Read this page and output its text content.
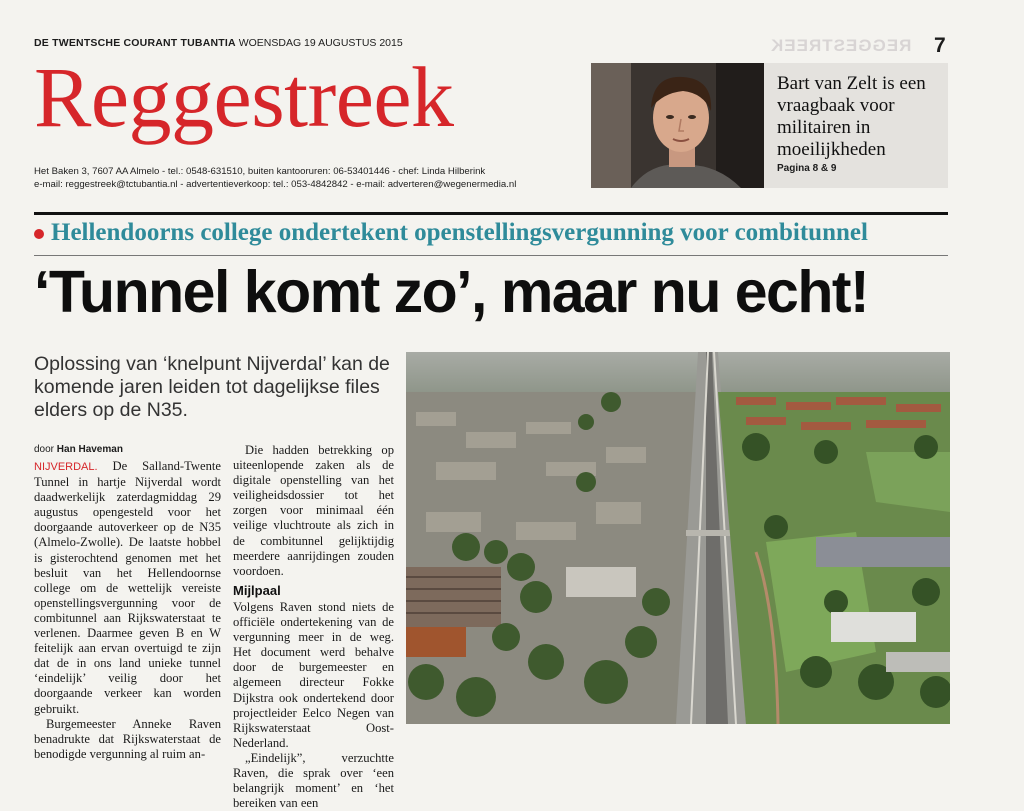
DE TWENTSCHE COURANT TUBANTIA WOENSDAG 19 AUGUSTUS 2015	REGGESTREEK 7
Reggestreek
Het Baken 3, 7607 AA Almelo - tel.: 0548-631510, buiten kantooruren: 06-53401446 - chef: Linda Hilberink
e-mail: reggestreek@tctubantia.nl - advertentieverkoop: tel.: 053-4842842 - e-mail: adverteren@wegenermedia.nl
Bart van Zelt is een vraagbaak voor militairen in moeilijkheden
Pagina 8 & 9
Hellendoorns college ondertekent openstellingsvergunning voor combitunnel
‘Tunnel komt zo’, maar nu echt!
Oplossing van ‘knelpunt Nijverdal’ kan de komende jaren leiden tot dagelijkse files elders op de N35.
door Han Haveman

NIJVERDAL. De Salland-Twente Tunnel in hartje Nijverdal wordt daadwerkelijk zaterdagmiddag 29 augustus opengesteld voor het doorgaande autoverkeer op de N35 (Almelo-Zwolle). De laatste hobbel is gisterochtend genomen met het besluit van het Hellendoornse college om de wettelijk vereiste openstellingsvergunning voor de combitunnel aan Rijkswaterstaat te verlenen. Daarmee geven B en W feitelijk aan ervan overtuigd te zijn dat de in ons land unieke tunnel ‘eindelijk’ veilig door het doorgaande verkeer kan worden gebruikt.

Burgemeester Anneke Raven benadrukte dat Rijkswaterstaat de benodigde vergunning al ruim an-

Die hadden betrekking op uiteenlopende zaken als de digitale openstelling van het veiligheidsdossier tot het zorgen voor minimaal één veilige vluchtroute als zich in de combitunnel gelijktijdig meerdere aanrijdingen zouden voordoen.

Mijlpaal

Volgens Raven stond niets de officiële ondertekening van de vergunning meer in de weg. Het document werd behalve door de burgemeester en algemeen directeur Fokke Dijkstra ook ondertekend door projectleider Eelco Negen van Rijkswaterstaat Oost-Nederland.

„Eindelijk”, verzuchtte Raven, die sprak over ‘een belangrijk moment’ en ‘het bereiken van een
